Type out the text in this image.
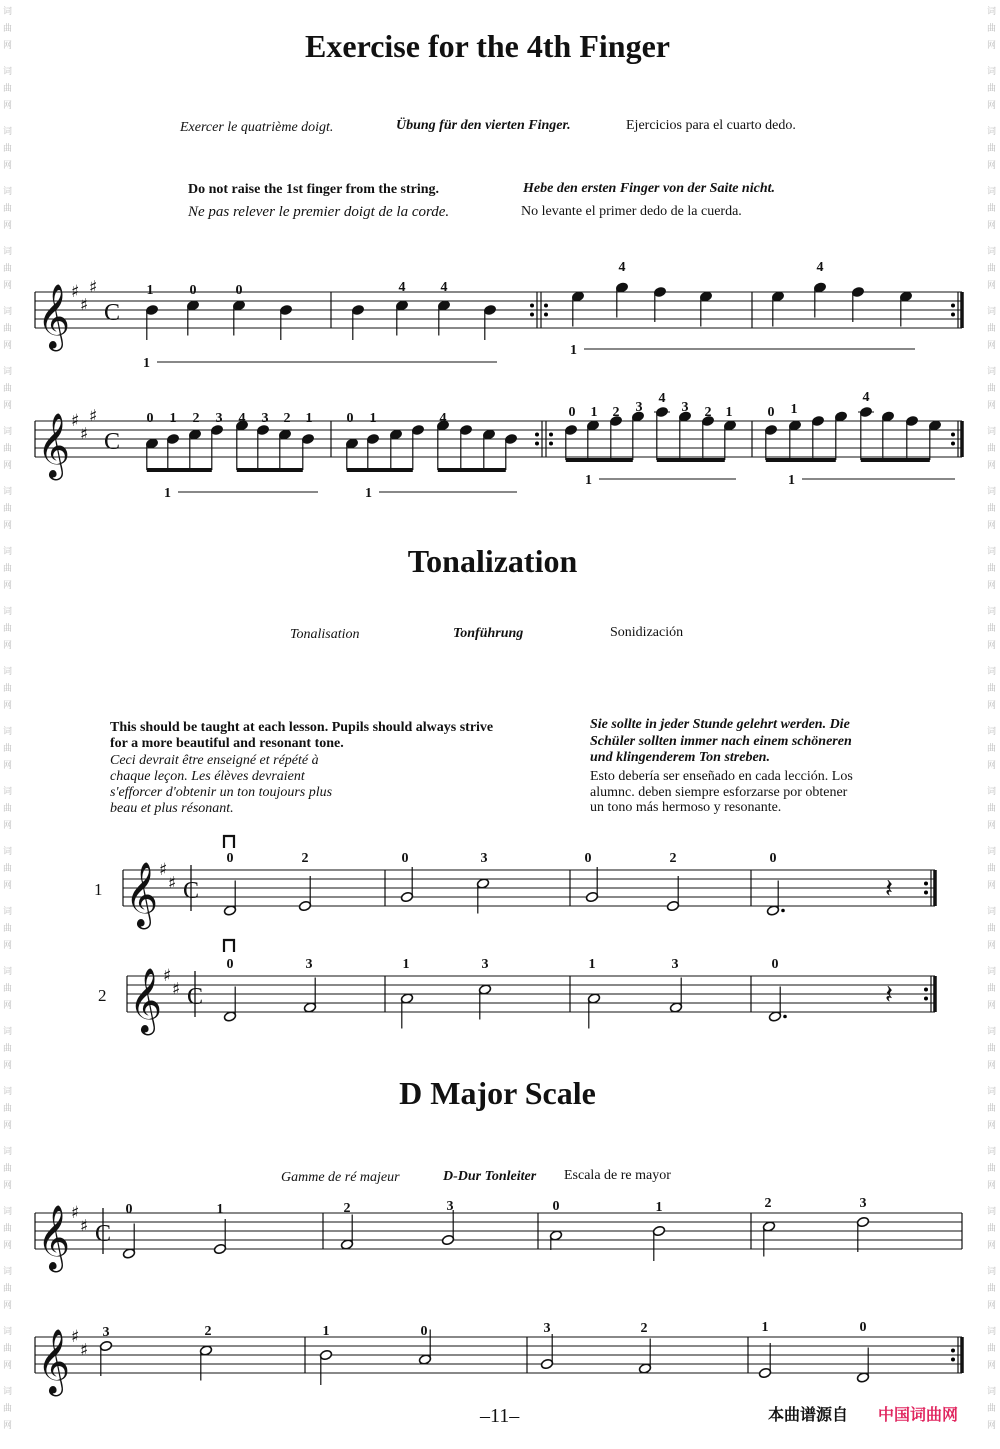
词
曲
网
词
曲
网
词
曲
网
词
曲
网
词
曲
网
词
曲
网
词
曲
网
词
曲
网
词
曲
网
词
曲
网
词
曲
网
词
曲
网
词
曲
网
词
曲
网
词
曲
网
词
曲
网
词
曲
网
词
曲
网
词
曲
网
词
曲
网
词
曲
网
词
曲
网
词
曲
网
词
曲
网
词
曲
网
词
曲
网
词
曲
网
词
曲
网
词
曲
网
词
曲
网
词
曲
网
词
曲
网
词
曲
网
词
曲
网
词
曲
网
词
曲
网
词
曲
网
词
曲
网
词
曲
网
词
曲
网
词
曲
网
词
曲
网
词
曲
网
词
曲
网
词
曲
网
词
曲
网
词
曲
网
词
曲
网
Exercise for the 4th Finger
Exercer le quatrième doigt.	Übung für den vierten Finger.	Ejercicios para el cuarto dedo.
Do not raise the 1st finger from the string.	Hebe den ersten Finger von der Saite nicht.
Ne pas relever le premier doigt de la corde.	No levante el primer dedo de la cuerda.
Tonalization
Tonalisation	Tonführung	Sonidización
This should be taught at each lesson. Pupils should always strive
for a more beautiful and resonant tone.
Ceci devrait être enseigné et répété à
chaque leçon. Les élèves devraient
s'efforcer d'obtenir un ton toujours plus
beau et plus résonant.
Sie sollte in jeder Stunde gelehrt werden. Die
Schüler sollten immer nach einem schöneren
und klingenderem Ton streben.
Esto debería ser enseñado en cada lección. Los
alumnc. deben siempre esforzarse por obtener
un tono más hermoso y resonante.
D Major Scale
Gamme de ré majeur	D-Dur Tonleiter Escala de re mayor
–11–	本曲谱源自 中国词曲网
𝄞 ♯
♯
♯
C
1	0	0	4	4
4	4
1
1
𝄞 ♯
♯
♯
C
0 1 2 3 4 3 2 1 0 1	4	0 1 2 3
4
3 2 1	0 1
4
1	1
1	1
1 𝄞 ♯
♯ C
0	2	0	3	0	2	0
𝄽
2 𝄞 ♯
♯ C
0	3	1	3	1	3	0
𝄽
𝄞 ♯
♯ C
0	1	2	3	0	1	2	3
𝄞 ♯
♯
3	2	1	0	3	2	1	0
